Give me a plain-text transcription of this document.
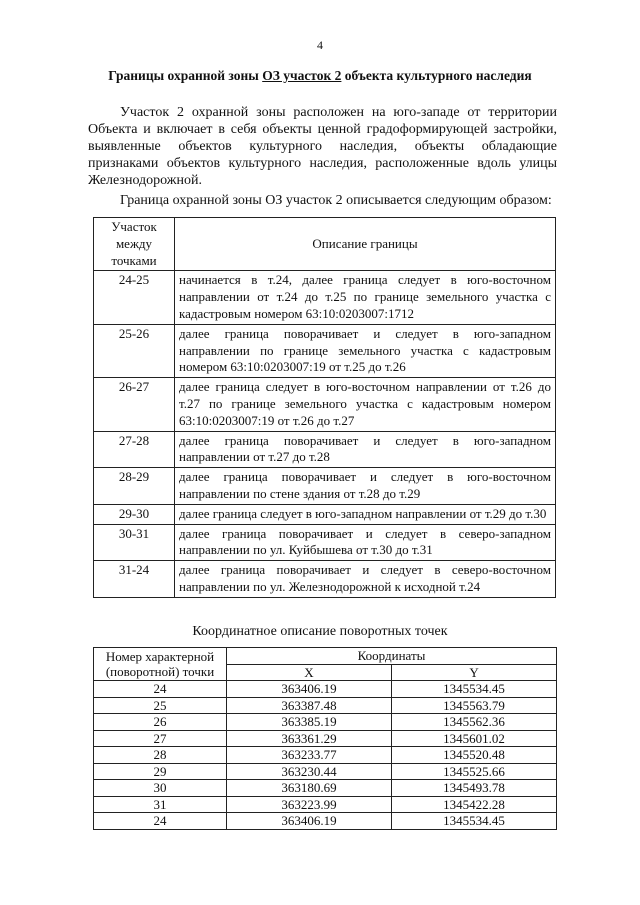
4
Границы охранной зоны ОЗ участок 2 объекта культурного наследия

Участок 2 охранной зоны расположен на юго-западе от территории Объекта и включает в себя объекты ценной градоформирующей застройки, выявленные объектов культурного наследия, объекты обладающие признаками объектов культурного наследия, расположенные вдоль улицы Железнодорожной.

Граница охранной зоны ОЗ участок 2 описывается следующим образом:
Участок между точками	Описание границы
24-25	начинается в т.24, далее граница следует в юго-восточном направлении от т.24 до т.25 по границе земельного участка с кадастровым номером 63:10:0203007:1712
25-26	далее граница поворачивает и следует в юго-западном направлении по границе земельного участка с кадастровым номером 63:10:0203007:19 от т.25 до т.26
26-27	далее граница следует в юго-восточном направлении от т.26 до т.27 по границе земельного участка с кадастровым номером 63:10:0203007:19 от т.26 до т.27
27-28	далее граница поворачивает и следует в юго-западном направлении от т.27 до т.28
28-29	далее граница поворачивает и следует в юго-восточном направлении по стене здания от т.28 до т.29
29-30	далее граница следует в юго-западном направлении от т.29 до т.30
30-31	далее граница поворачивает и следует в северо-западном направлении по ул. Куйбышева от т.30 до т.31
31-24	далее граница поворачивает и следует в северо-восточном направлении по ул. Железнодорожной к исходной т.24
Координатное описание поворотных точек
Номер характерной (поворотной) точки	Координаты	
	X	Y
24	363406.19	1345534.45
25	363387.48	1345563.79
26	363385.19	1345562.36
27	363361.29	1345601.02
28	363233.77	1345520.48
29	363230.44	1345525.66
30	363180.69	1345493.78
31	363223.99	1345422.28
24	363406.19	1345534.45
